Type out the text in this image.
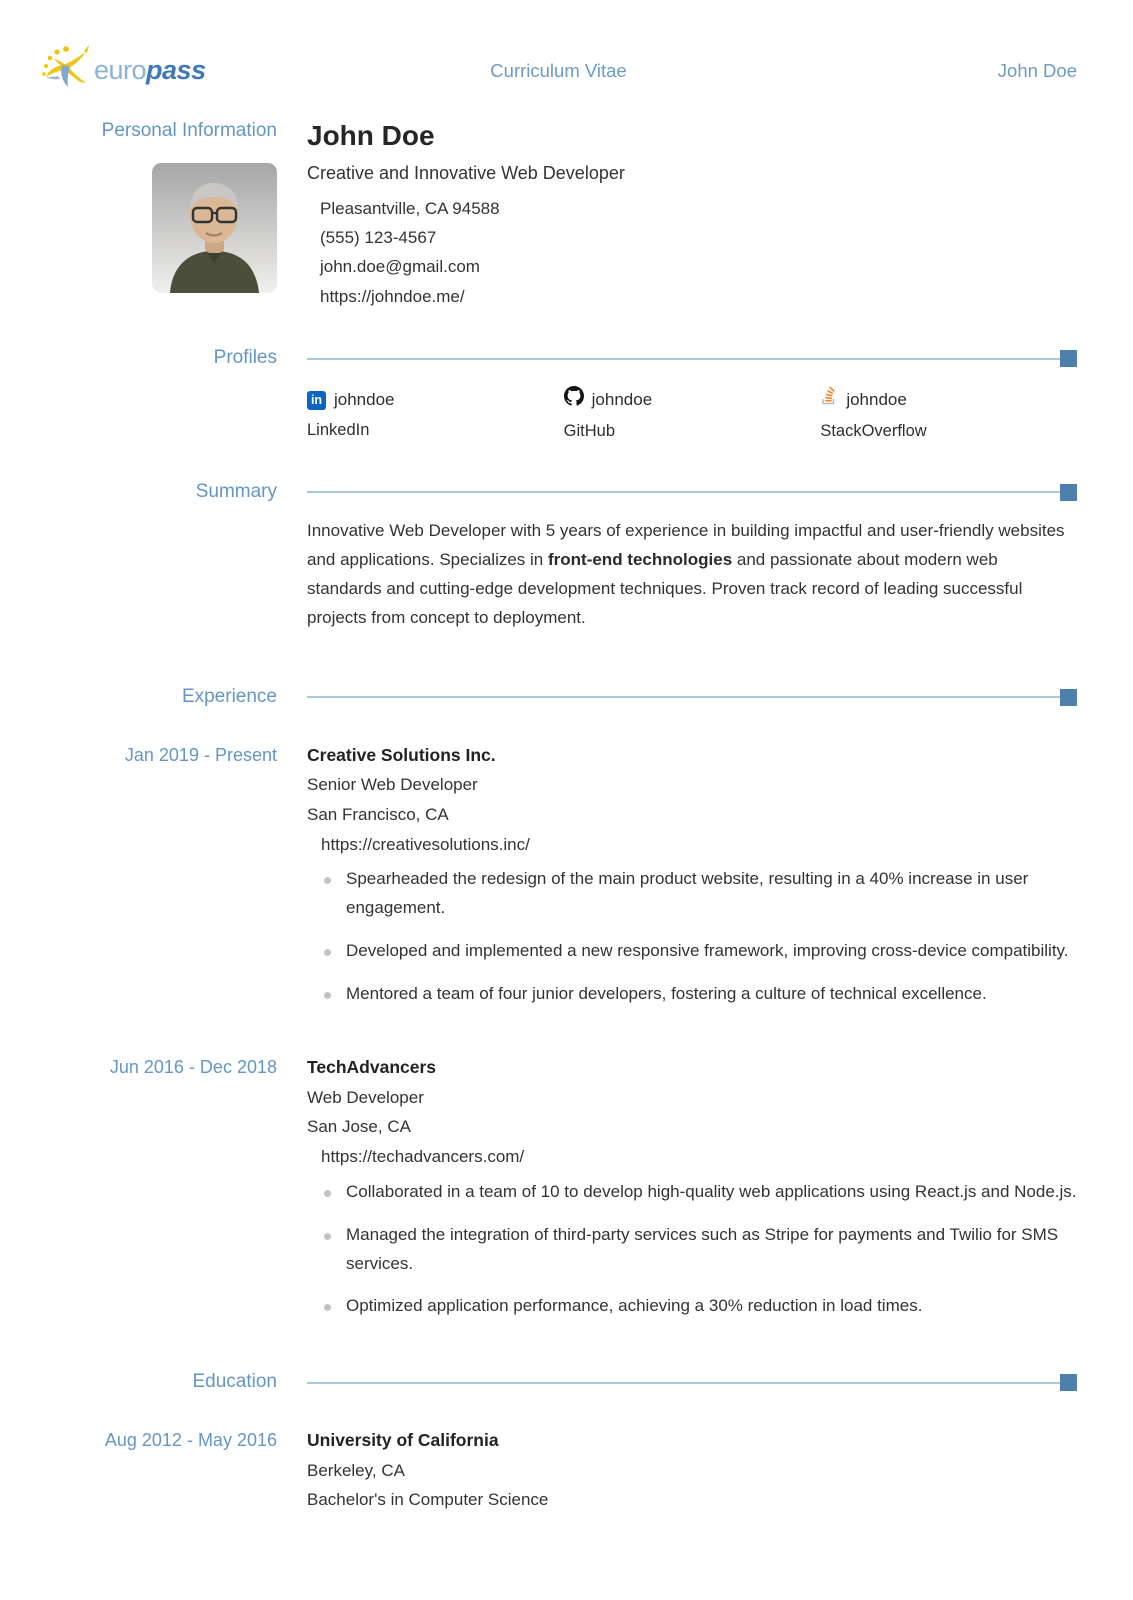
europass	Curriculum Vitae	John Doe
Personal Information John Doe
Creative and Innovative Web Developer
Pleasantville, CA 94588
(555) 123-4567
john.doe@gmail.com
https://johndoe.me/
Profiles
in johndoe
LinkedIn
johndoe
GitHub
johndoe
StackOverflow
Summary

Innovative Web Developer with 5 years of experience in building impactful and user-friendly websites and applications. Specializes in front-end technologies and passionate about modern web standards and cutting-edge development techniques. Proven track record of leading successful projects from concept to deployment.

Experience
Jan 2019 - Present Creative Solutions Inc.
Senior Web Developer
San Francisco, CA
https://creativesolutions.inc/
Spearheaded the redesign of the main product website, resulting in a 40% increase in user engagement.
Developed and implemented a new responsive framework, improving cross-device compatibility.
Mentored a team of four junior developers, fostering a culture of technical excellence.
Jun 2016 - Dec 2018 TechAdvancers
Web Developer
San Jose, CA
https://techadvancers.com/
Collaborated in a team of 10 to develop high-quality web applications using React.js and Node.js.
Managed the integration of third-party services such as Stripe for payments and Twilio for SMS services.
Optimized application performance, achieving a 30% reduction in load times.
Education
Aug 2012 - May 2016 University of California
Berkeley, CA
Bachelor's in Computer Science
